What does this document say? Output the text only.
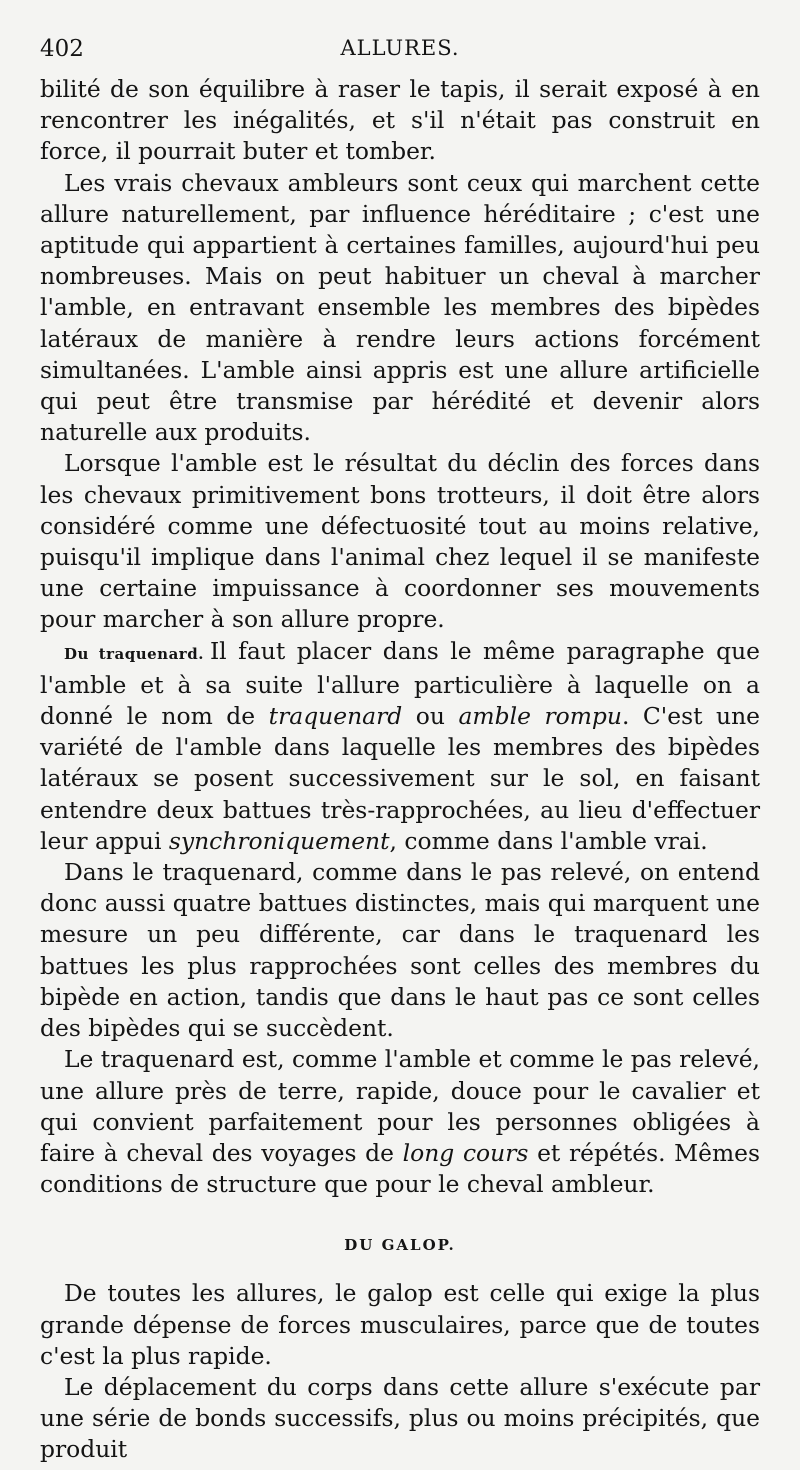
402	ALLURES.

bilité de son équilibre à raser le tapis, il serait exposé à en rencontrer les inégalités, et s'il n'était pas construit en force, il pourrait buter et tomber.

Les vrais chevaux ambleurs sont ceux qui marchent cette allure naturellement, par influence héréditaire ; c'est une aptitude qui appartient à certaines familles, aujourd'hui peu nombreuses. Mais on peut habituer un cheval à marcher l'amble, en entravant ensemble les membres des bipèdes latéraux de manière à rendre leurs actions forcément simultanées. L'amble ainsi appris est une allure artificielle qui peut être transmise par hérédité et devenir alors naturelle aux produits.

Lorsque l'amble est le résultat du déclin des forces dans les chevaux primitivement bons trotteurs, il doit être alors considéré comme une défectuosité tout au moins relative, puisqu'il implique dans l'animal chez lequel il se manifeste une certaine impuissance à coordonner ses mouvements pour marcher à son allure propre.

Du traquenard. Il faut placer dans le même paragraphe que l'amble et à sa suite l'allure particulière à laquelle on a donné le nom de traquenard ou amble rompu. C'est une variété de l'amble dans laquelle les membres des bipèdes latéraux se posent successivement sur le sol, en faisant entendre deux battues très-rapprochées, au lieu d'effectuer leur appui synchroniquement, comme dans l'amble vrai.

Dans le traquenard, comme dans le pas relevé, on entend donc aussi quatre battues distinctes, mais qui marquent une mesure un peu différente, car dans le traquenard les battues les plus rapprochées sont celles des membres du bipède en action, tandis que dans le haut pas ce sont celles des bipèdes qui se succèdent.

Le traquenard est, comme l'amble et comme le pas relevé, une allure près de terre, rapide, douce pour le cavalier et qui convient parfaitement pour les personnes obligées à faire à cheval des voyages de long cours et répétés. Mêmes conditions de structure que pour le cheval ambleur.

DU GALOP.

De toutes les allures, le galop est celle qui exige la plus grande dépense de forces musculaires, parce que de toutes c'est la plus rapide.

Le déplacement du corps dans cette allure s'exécute par une série de bonds successifs, plus ou moins précipités, que produit
